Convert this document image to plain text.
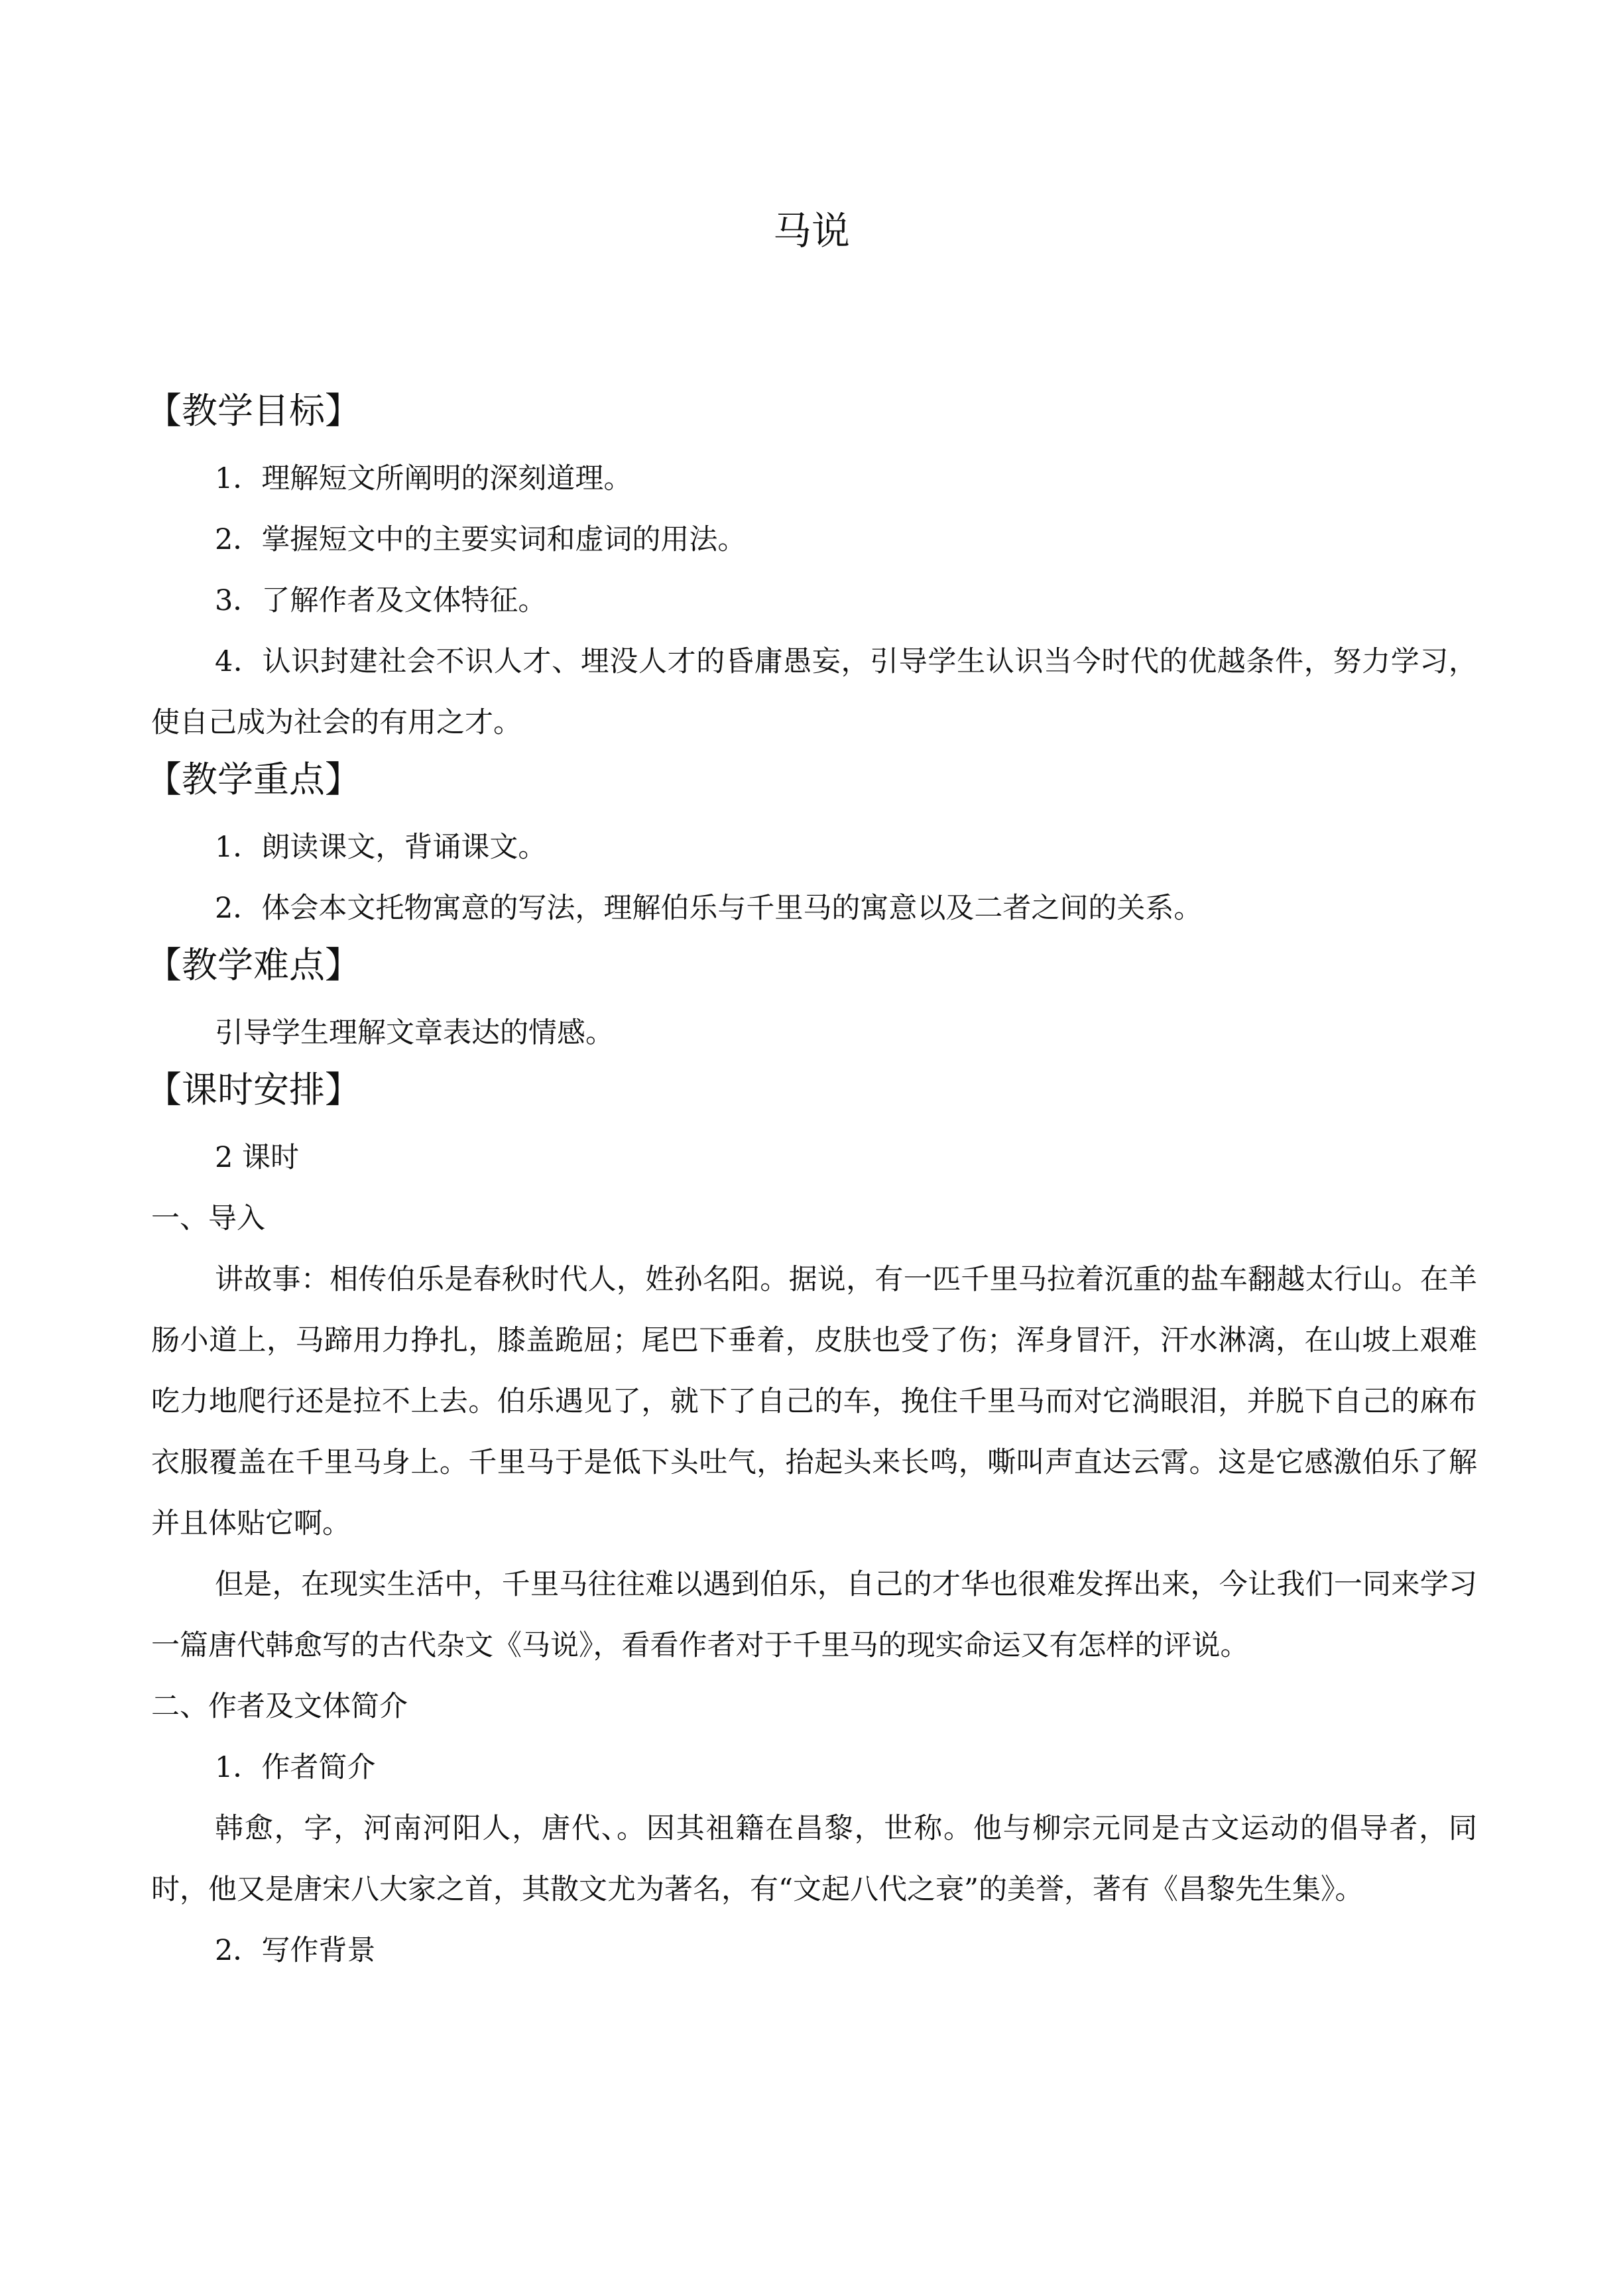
马说
【教学目标】
1．理解短文所阐明的深刻道理。
2．掌握短文中的主要实词和虚词的用法。
3．了解作者及文体特征。
4．认识封建社会不识人才、埋没人才的昏庸愚妄，引导学生认识当今时代的优越条件，努力学习，使自己成为社会的有用之才。
【教学重点】
1．朗读课文，背诵课文。
2．体会本文托物寓意的写法，理解伯乐与千里马的寓意以及二者之间的关系。
【教学难点】
引导学生理解文章表达的情感。
【课时安排】
2 课时
一、导入
讲故事：相传伯乐是春秋时代人，姓孙名阳。据说，有一匹千里马拉着沉重的盐车翻越太行山。在羊肠小道上，马蹄用力挣扎，膝盖跪屈；尾巴下垂着，皮肤也受了伤；浑身冒汗，汗水淋漓，在山坡上艰难吃力地爬行还是拉不上去。伯乐遇见了，就下了自己的车，挽住千里马而对它淌眼泪，并脱下自己的麻布衣服覆盖在千里马身上。千里马于是低下头吐气，抬起头来长鸣，嘶叫声直达云霄。这是它感激伯乐了解并且体贴它啊。
但是，在现实生活中，千里马往往难以遇到伯乐，自己的才华也很难发挥出来，今让我们一同来学习一篇唐代韩愈写的古代杂文《马说》，看看作者对于千里马的现实命运又有怎样的评说。
二、作者及文体简介
1．作者简介
韩愈，字，河南河阳人，唐代、。因其祖籍在昌黎，世称。他与柳宗元同是古文运动的倡导者，同时，他又是唐宋八大家之首，其散文尤为著名，有“文起八代之衰”的美誉，著有《昌黎先生集》。
2．写作背景
